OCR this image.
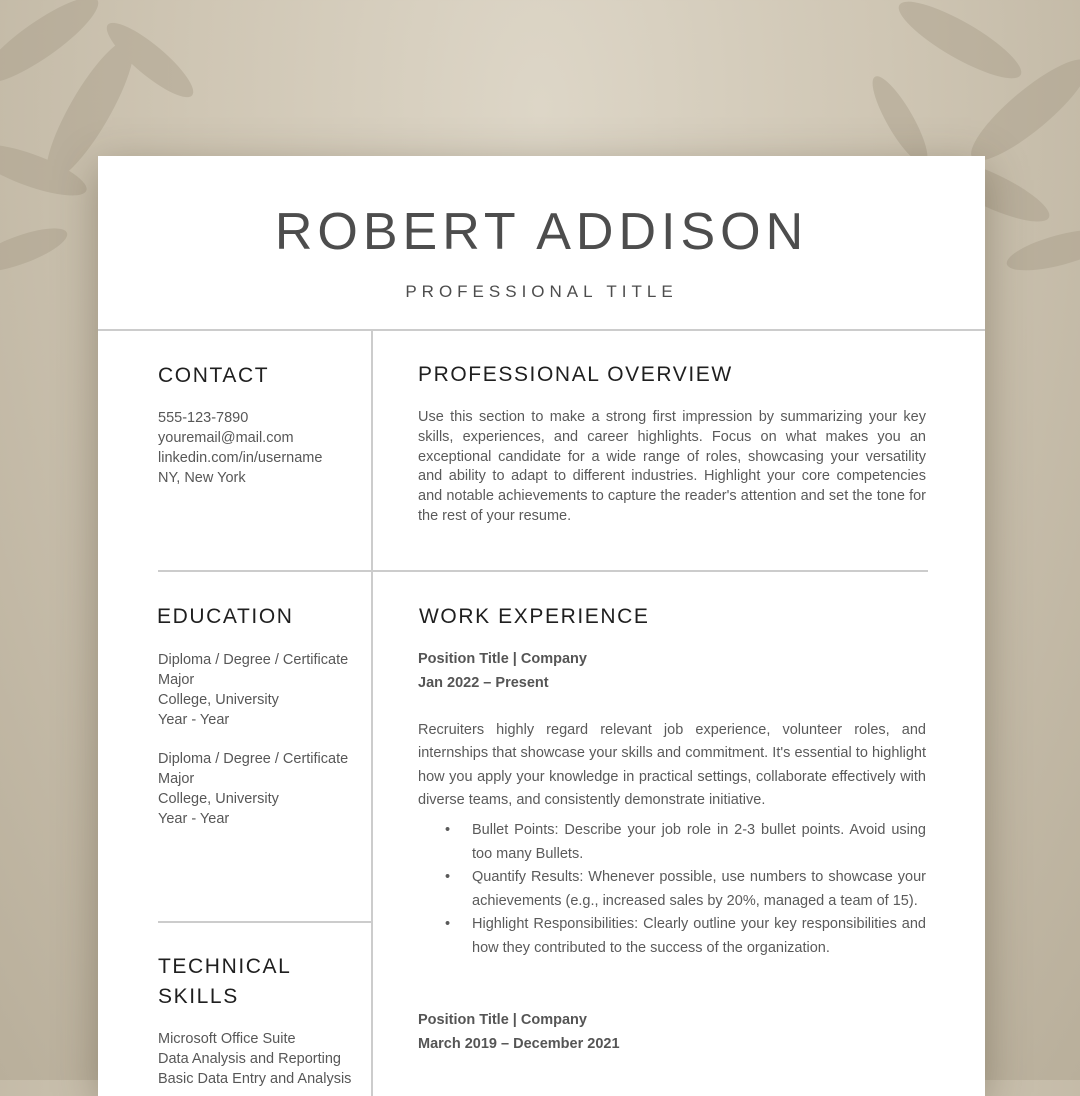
ROBERT ADDISON
PROFESSIONAL TITLE
CONTACT
555-123-7890
youremail@mail.com
linkedin.com/in/username
NY, New York
PROFESSIONAL OVERVIEW
Use this section to make a strong first impression by summarizing your key skills, experiences, and career highlights. Focus on what makes you an exceptional candidate for a wide range of roles, showcasing your versatility and ability to adapt to different industries. Highlight your core competencies and notable achievements to capture the reader's attention and set the tone for the rest of your resume.
EDUCATION
Diploma / Degree / Certificate
Major
College, University
Year - Year
Diploma / Degree / Certificate
Major
College, University
Year - Year
TECHNICAL
SKILLS
Microsoft Office Suite
Data Analysis and Reporting
Basic Data Entry and Analysis
WORK EXPERIENCE
Position Title | Company
Jan 2022 – Present
Recruiters highly regard relevant job experience, volunteer roles, and internships that showcase your skills and commitment. It's essential to highlight how you apply your knowledge in practical settings, collaborate effectively with diverse teams, and consistently demonstrate initiative.
• Bullet Points: Describe your job role in 2-3 bullet points. Avoid using too many Bullets.
• Quantify Results: Whenever possible, use numbers to showcase your achievements (e.g., increased sales by 20%, managed a team of 15).
• Highlight Responsibilities: Clearly outline your key responsibilities and how they contributed to the success of the organization.
Position Title | Company
March 2019 – December 2021
